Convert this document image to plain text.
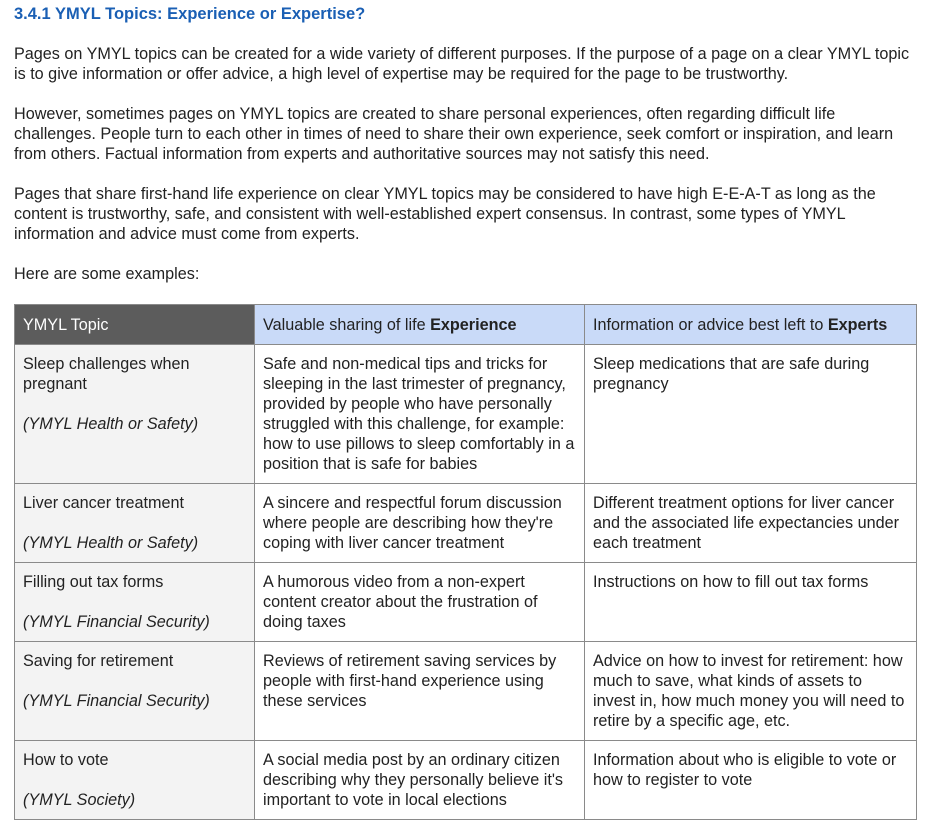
3.4.1 YMYL Topics: Experience or Expertise?

Pages on YMYL topics can be created for a wide variety of different purposes. If the purpose of a page on a clear YMYL topic is to give information or offer advice, a high level of expertise may be required for the page to be trustworthy.

However, sometimes pages on YMYL topics are created to share personal experiences, often regarding difficult life challenges. People turn to each other in times of need to share their own experience, seek comfort or inspiration, and learn from others. Factual information from experts and authoritative sources may not satisfy this need.

Pages that share first-hand life experience on clear YMYL topics may be considered to have high E-E-A-T as long as the content is trustworthy, safe, and consistent with well-established expert consensus. In contrast, some types of YMYL information and advice must come from experts.

Here are some examples:

YMYL Topic	Valuable sharing of life Experience	Information or advice best left to Experts
Sleep challenges when pregnant
(YMYL Health or Safety)	Safe and non-medical tips and tricks for sleeping in the last trimester of pregnancy, provided by people who have personally struggled with this challenge, for example: how to use pillows to sleep comfortably in a position that is safe for babies	Sleep medications that are safe during pregnancy
Liver cancer treatment
(YMYL Health or Safety)	A sincere and respectful forum discussion where people are describing how they're coping with liver cancer treatment	Different treatment options for liver cancer and the associated life expectancies under each treatment
Filling out tax forms
(YMYL Financial Security)	A humorous video from a non-expert content creator about the frustration of doing taxes	Instructions on how to fill out tax forms
Saving for retirement
(YMYL Financial Security)	Reviews of retirement saving services by people with first-hand experience using these services	Advice on how to invest for retirement: how much to save, what kinds of assets to invest in, how much money you will need to retire by a specific age, etc.
How to vote
(YMYL Society)	A social media post by an ordinary citizen describing why they personally believe it's important to vote in local elections	Information about who is eligible to vote or how to register to vote
